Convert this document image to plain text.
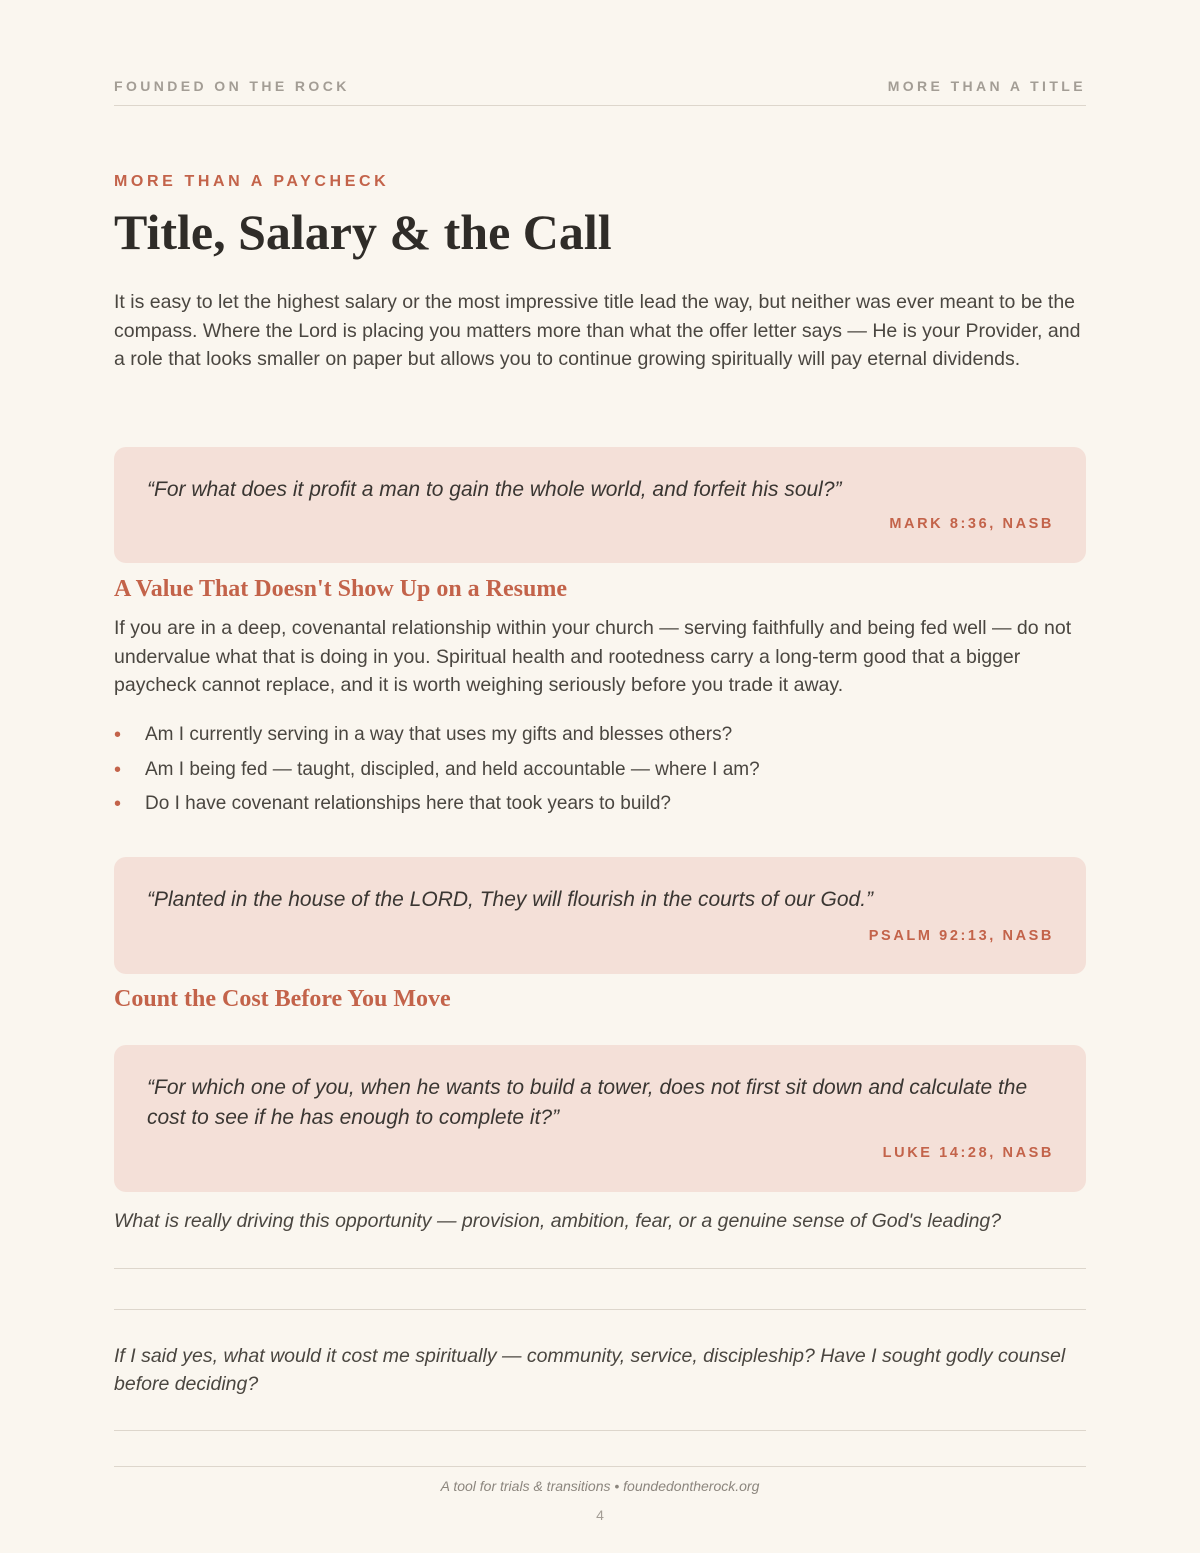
FOUNDED ON THE ROCK	MORE THAN A TITLE
MORE THAN A PAYCHECK
Title, Salary & the Call

It is easy to let the highest salary or the most impressive title lead the way, but neither was ever meant to be the compass. Where the Lord is placing you matters more than what the offer letter says — He is your Provider, and a role that looks smaller on paper but allows you to continue growing spiritually will pay eternal dividends.

“For what does it profit a man to gain the whole world, and forfeit his soul?”

MARK 8:36, NASB
A Value That Doesn't Show Up on a Resume

If you are in a deep, covenantal relationship within your church — serving faithfully and being fed well — do not undervalue what that is doing in you. Spiritual health and rootedness carry a long-term good that a bigger paycheck cannot replace, and it is worth weighing seriously before you trade it away.

• Am I currently serving in a way that uses my gifts and blesses others?
• Am I being fed — taught, discipled, and held accountable — where I am?
• Do I have covenant relationships here that took years to build?

“Planted in the house of the LORD, They will flourish in the courts of our God.”

PSALM 92:13, NASB
Count the Cost Before You Move

“For which one of you, when he wants to build a tower, does not first sit down and calculate the cost to see if he has enough to complete it?”

LUKE 14:28, NASB

What is really driving this opportunity — provision, ambition, fear, or a genuine sense of God's leading?

If I said yes, what would it cost me spiritually — community, service, discipleship? Have I sought godly counsel before deciding?

A tool for trials & transitions • foundedontherock.org
4
